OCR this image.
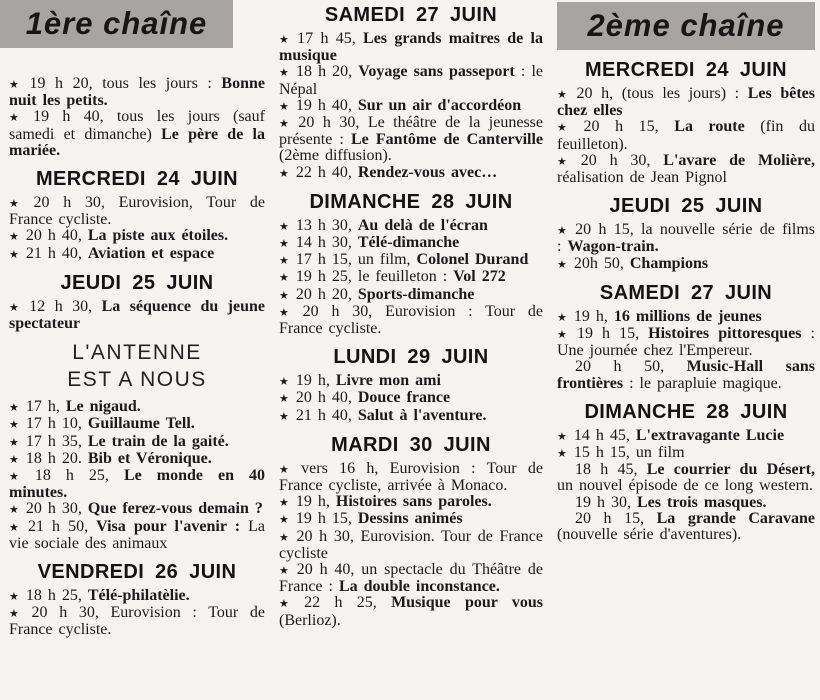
1ère chaîne

★ 19 h 20, tous les jours : Bonne nuit les petits.

★ 19 h 40, tous les jours (sauf samedi et dimanche) Le père de la mariée.

MERCREDI 24 JUIN

★ 20 h 30, Eurovision, Tour de France cycliste.

★ 20 h 40, La piste aux étoiles.

★ 21 h 40, Aviation et espace

JEUDI 25 JUIN

★ 12 h 30, La séquence du jeune spectateur

L'ANTENNE
EST A NOUS

★ 17 h, Le nigaud.

★ 17 h 10, Guillaume Tell.

★ 17 h 35, Le train de la gaité.

★ 18 h 20. Bib et Véronique.

★ 18 h 25, Le monde en 40 minutes.

★ 20 h 30, Que ferez-vous demain ?

★ 21 h 50, Visa pour l'avenir : La vie sociale des animaux

VENDREDI 26 JUIN

★ 18 h 25, Télé-philatèlie.

★ 20 h 30, Eurovision : Tour de France cycliste.

SAMEDI 27 JUIN

★ 17 h 45, Les grands maitres de la musique

★ 18 h 20, Voyage sans passeport : le Népal

★ 19 h 40, Sur un air d'accordéon

★ 20 h 30, Le théâtre de la jeunesse présente : Le Fantôme de Canterville (2ème diffusion).

★ 22 h 40, Rendez-vous avec…

DIMANCHE 28 JUIN

★ 13 h 30, Au delà de l'écran

★ 14 h 30, Télé-dimanche

★ 17 h 15, un film, Colonel Durand

★ 19 h 25, le feuilleton : Vol 272

★ 20 h 20, Sports-dimanche

★ 20 h 30, Eurovision : Tour de France cycliste.

LUNDI 29 JUIN

★ 19 h, Livre mon ami

★ 20 h 40, Douce france

★ 21 h 40, Salut à l'aventure.

MARDI 30 JUIN

★ vers 16 h, Eurovision : Tour de France cycliste, arrivée à Monaco.

★ 19 h, Histoires sans paroles.

★ 19 h 15, Dessins animés

★ 20 h 30, Eurovision. Tour de France cycliste

★ 20 h 40, un spectacle du Théâtre de France : La double inconstance.

★ 22 h 25, Musique pour vous (Berlioz).

2ème chaîne
MERCREDI 24 JUIN

★ 20 h, (tous les jours) : Les bêtes chez elles

★ 20 h 15, La route (fin du feuilleton).

★ 20 h 30, L'avare de Molière, réalisation de Jean Pignol

JEUDI 25 JUIN

★ 20 h 15, la nouvelle série de films : Wagon-train.

★ 20h 50, Champions

SAMEDI 27 JUIN

★ 19 h, 16 millions de jeunes

★ 19 h 15, Histoires pittoresques : Une journée chez l'Empereur.

20 h 50, Music-Hall sans frontières : le parapluie magique.

DIMANCHE 28 JUIN

★ 14 h 45, L'extravagante Lucie

★ 15 h 15, un film

18 h 45, Le courrier du Désert, un nouvel épisode de ce long western.

19 h 30, Les trois masques.

20 h 15, La grande Caravane (nouvelle série d'aventures).
